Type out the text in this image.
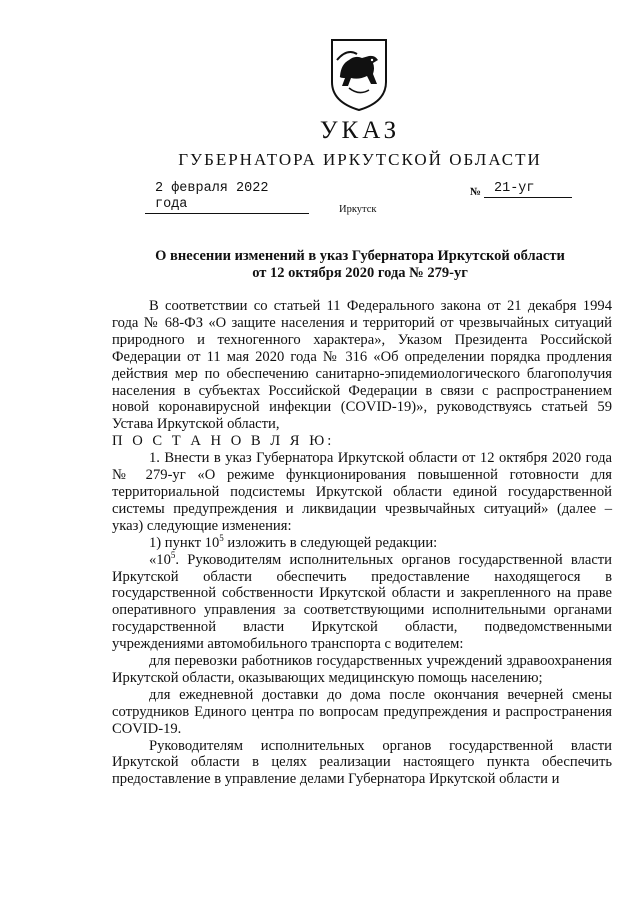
УКАЗ
ГУБЕРНАТОРА ИРКУТСКОЙ ОБЛАСТИ
2 февраля 2022 года
№ 21-уг
Иркутск
О внесении изменений в указ Губернатора Иркутской области
от 12 октября 2020 года № 279-уг

В соответствии со статьей 11 Федерального закона от 21 декабря 1994 года № 68-ФЗ «О защите населения и территорий от чрезвычайных ситуаций природного и техногенного характера», Указом Президента Российской Федерации от 11 мая 2020 года № 316 «Об определении порядка продления действия мер по обеспечению санитарно-эпидемиологического благополучия населения в субъектах Российской Федерации в связи с распространением новой коронавирусной инфекции (COVID-19)», руководствуясь статьей 59 Устава Иркутской области,

П О С Т А Н О В Л Я Ю:

1. Внести в указ Губернатора Иркутской области от 12 октября 2020 года № 279-уг «О режиме функционирования повышенной готовности для территориальной подсистемы Иркутской области единой государственной системы предупреждения и ликвидации чрезвычайных ситуаций» (далее – указ) следующие изменения:

1) пункт $10^5$ изложить в следующей редакции:

«$10^5$. Руководителям исполнительных органов государственной власти Иркутской области обеспечить предоставление находящегося в государственной собственности Иркутской области и закрепленного на праве оперативного управления за соответствующими исполнительными органами государственной власти Иркутской области, подведомственными учреждениями автомобильного транспорта с водителем:

для перевозки работников государственных учреждений здравоохранения Иркутской области, оказывающих медицинскую помощь населению;

для ежедневной доставки до дома после окончания вечерней смены сотрудников Единого центра по вопросам предупреждения и распространения COVID-19.

Руководителям исполнительных органов государственной власти Иркутской области в целях реализации настоящего пункта обеспечить предоставление в управление делами Губернатора Иркутской области и
